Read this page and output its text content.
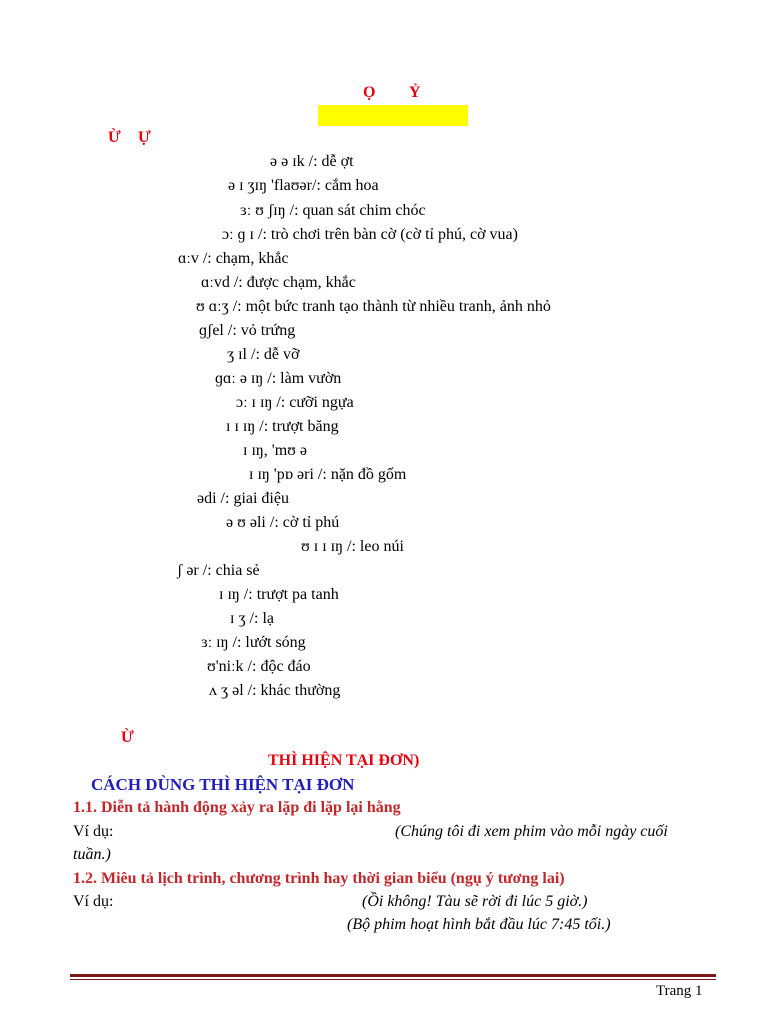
Ọ Ỷ
Ừ Ự
ə ə ɪk /: dễ ợt
ə ɪ ʒɪŋ 'flaʊər/: cắm hoa
ɜː ʊ ʃɪŋ /: quan sát chim chóc
ɔː ɡ ɪ /: trò chơi trên bàn cờ (cờ tỉ phú, cờ vua)
ɑːv /: chạm, khắc
ɑːvd /: được chạm, khắc
ʊ ɑːʒ /: một bức tranh tạo thành từ nhiều tranh, ảnh nhỏ
ɡʃel /: vỏ trứng
ʒ ɪl /: dễ vỡ
ɡɑː ə ɪŋ /: làm vườn
ɔː ɪ ɪŋ /: cưỡi ngựa
ɪ ɪ ɪŋ /: trượt băng
ɪ ɪŋ, 'mʊ ə
ɪ ɪŋ 'pɒ əri /: nặn đồ gốm
ədi /: giai điệu
ə ʊ əli /: cờ tỉ phú
ʊ ɪ ɪ ɪŋ /: leo núi
ʃ ər /: chia sẻ
ɪ ɪŋ /: trượt pa tanh
ɪ ʒ /: lạ
ɜː ɪŋ /: lướt sóng
ʊ'niːk /: độc đáo
ʌ ʒ əl /: khác thường
Ừ
THÌ HIỆN TẠI ĐƠN)
CÁCH DÙNG THÌ HIỆN TẠI ĐƠN
1.1. Diễn tả hành động xảy ra lặp đi lặp lại hằng
Ví dụ:	(Chúng tôi đi xem phim vào mỗi ngày cuối
tuần.)
1.2. Miêu tả lịch trình, chương trình hay thời gian biểu (ngụ ý tương lai)
Ví dụ:	(Ồi không! Tàu sẽ rời đi lúc 5 giờ.)
(Bộ phim hoạt hình bắt đầu lúc 7:45 tối.)
Trang 1
